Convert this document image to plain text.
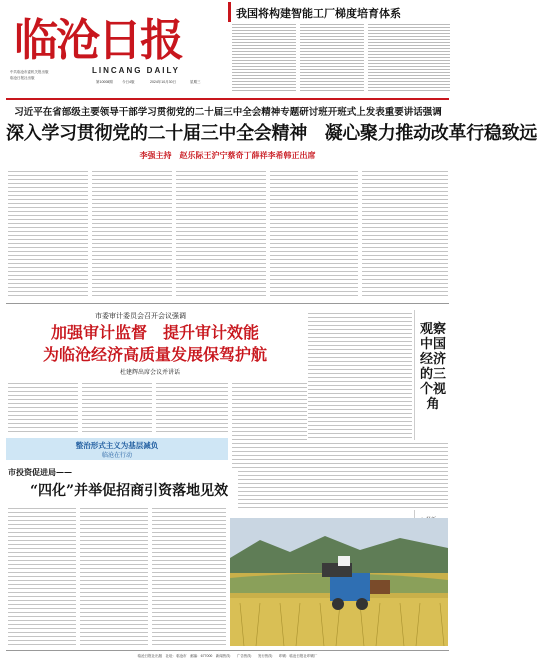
临沧日报
LINCANG DAILY
中共临沧市委机关报出版
临沧日报社出版
第10008期	今日4版	2024年10月30日	星期三
我国将构建智能工厂梯度培育体系
习近平在省部级主要领导干部学习贯彻党的二十届三中全会精神专题研讨班开班式上发表重要讲话强调
深入学习贯彻党的二十届三中全会精神　凝心聚力推动改革行稳致远
李强主持　赵乐际王沪宁蔡奇丁薛祥李希韩正出席
市委审计委员会召开会议强调
加强审计监督　提升审计效能
为临沧经济高质量发展保驾护航
杜建辉出席会议并讲话
观察中国经济的三个视角
整治形式主义为基层减负
临沧在行动
市投资促进局——
“四化”并举促招商引资落地见效
临沧日报社出版　社址：临沧市　邮编：677000　新闻热线：　广告热线：　发行热线：　印刷：临沧日报社印刷厂
